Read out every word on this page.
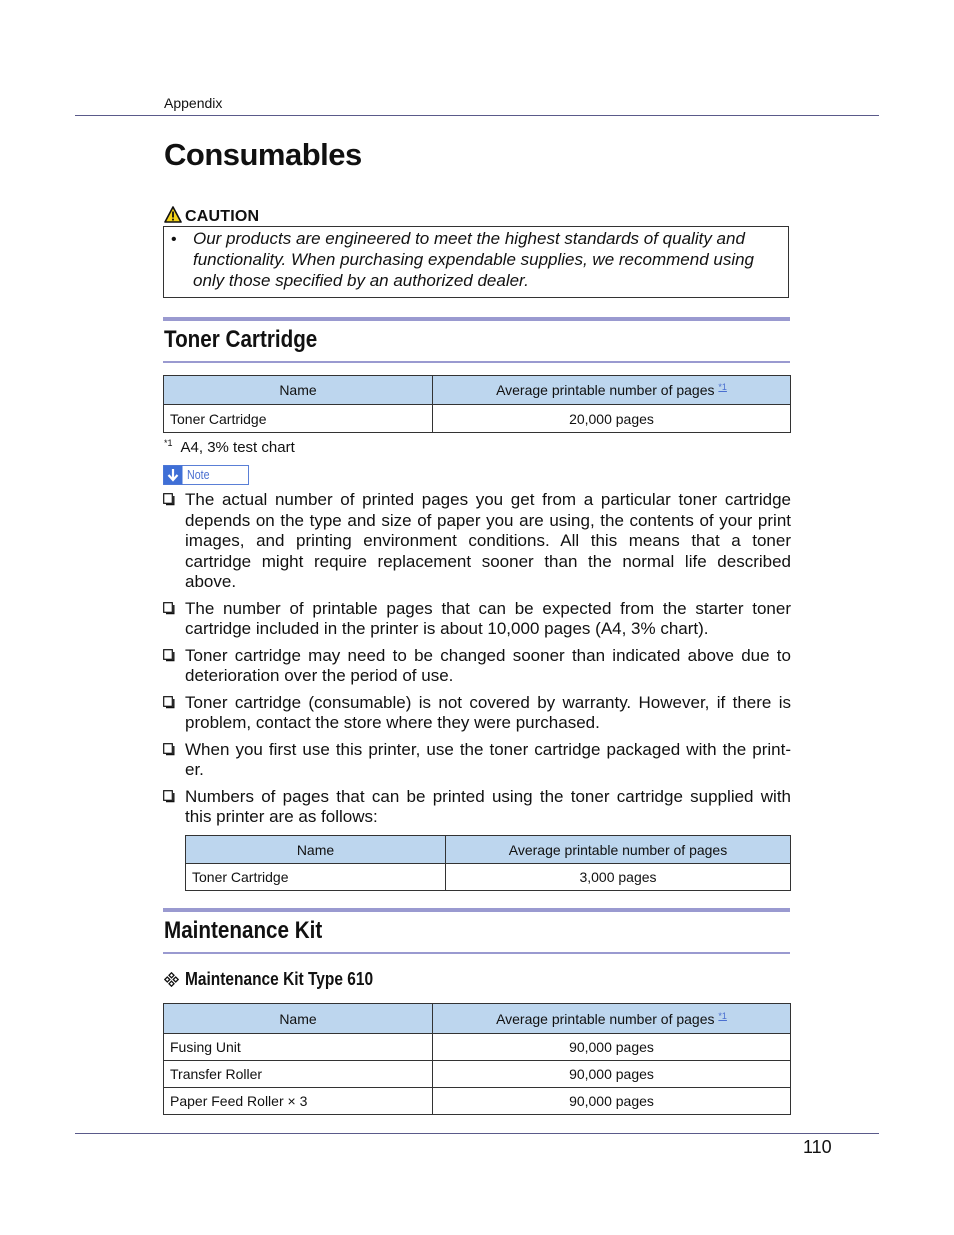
Appendix
Consumables
CAUTION
• Our products are engineered to meet the highest standards of quality and functionality. When purchasing expendable supplies, we recommend using only those specified by an authorized dealer.
Toner Cartridge
Name	Average printable number of pages $^{*1}$
Toner Cartridge	20,000 pages
$^{*1}$ A4, 3% test chart
Note
The actual number of printed pages you get from a particular toner cartridge depends on the type and size of paper you are using, the contents of your print images, and printing environment conditions. All this means that a toner cartridge might require replacement sooner than the normal life described above.
The number of printable pages that can be expected from the starter toner cartridge included in the printer is about 10,000 pages (A4, 3% chart).
Toner cartridge may need to be changed sooner than indicated above due to deterioration over the period of use.
Toner cartridge (consumable) is not covered by warranty. However, if there is problem, contact the store where they were purchased.
When you first use this printer, use the toner cartridge packaged with the print-er.
Numbers of pages that can be printed using the toner cartridge supplied with this printer are as follows:
Name	Average printable number of pages
Toner Cartridge	3,000 pages
Maintenance Kit
Maintenance Kit Type 610
Name	Average printable number of pages $^{*1}$
Fusing Unit	90,000 pages
Transfer Roller	90,000 pages
Paper Feed Roller × 3	90,000 pages
110
